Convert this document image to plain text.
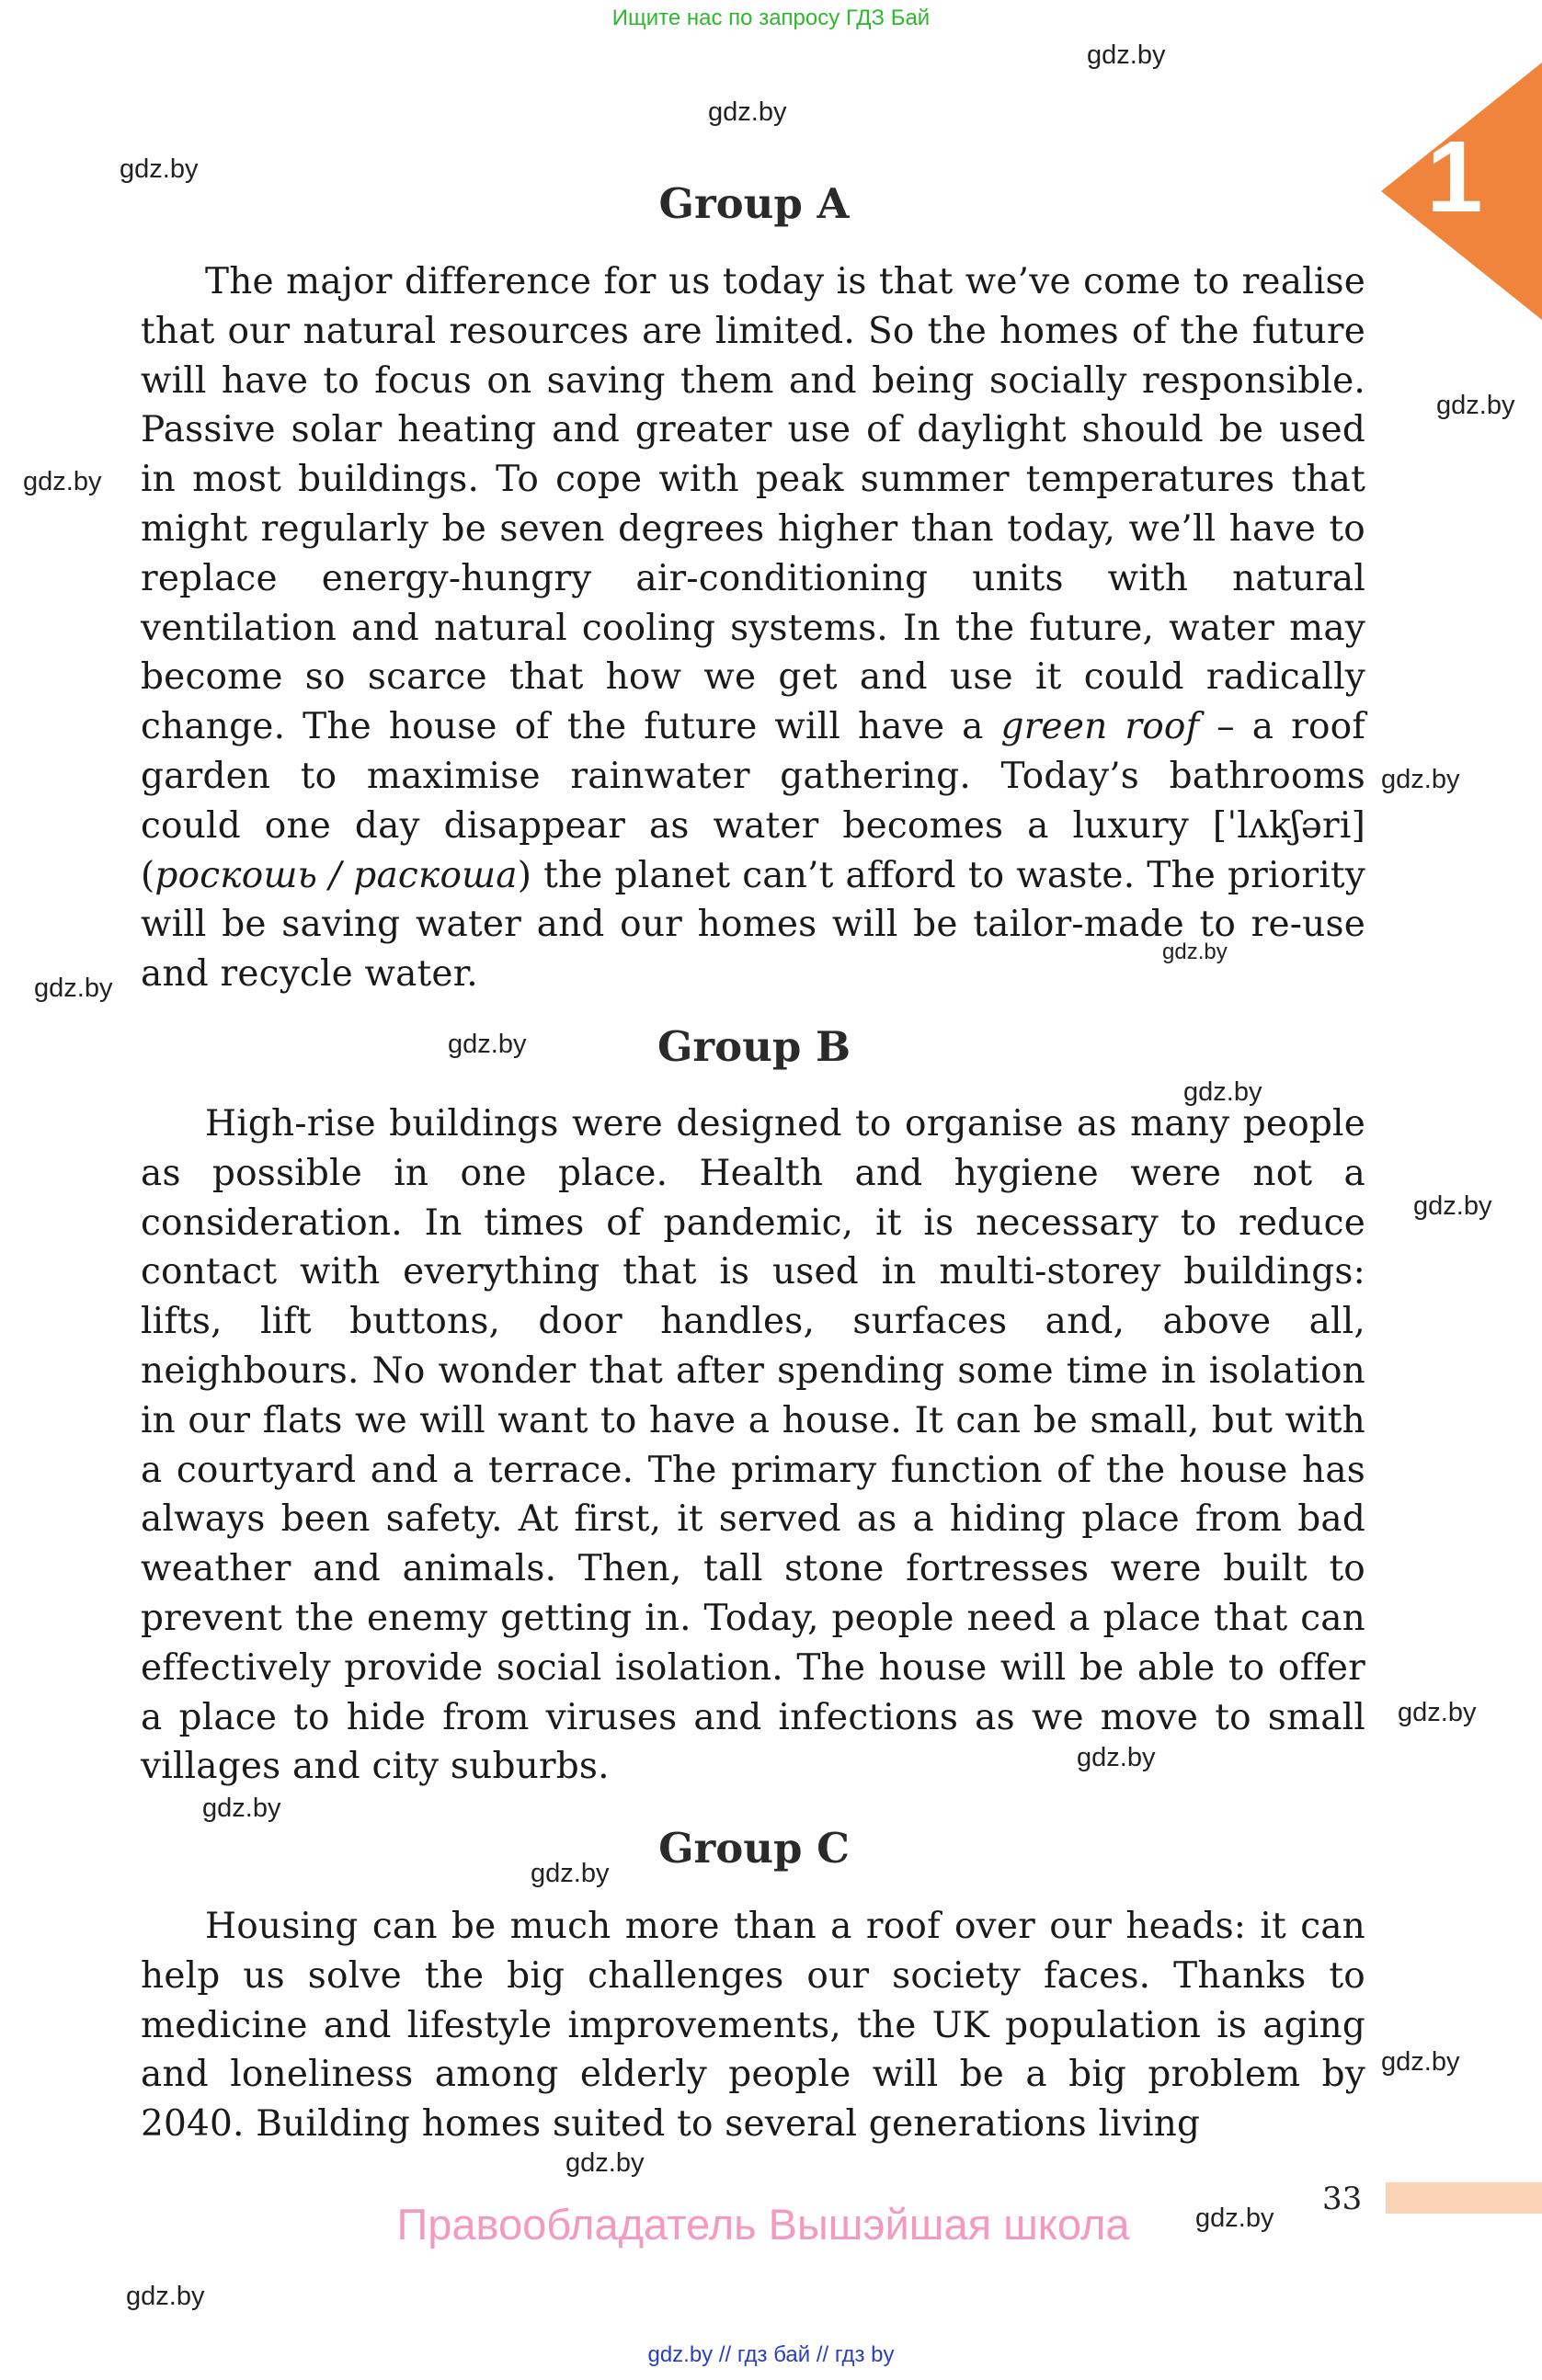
Ищите нас по запросу ГДЗ Бай
1
gdz.by
gdz.by
gdz.by
gdz.by
gdz.by
gdz.by
gdz.by
gdz.by
gdz.by
gdz.by
gdz.by
gdz.by
gdz.by
gdz.by
gdz.by
gdz.by
gdz.by
gdz.by
gdz.by
Group A
The major difference for us today is that we’ve come to realise that our natural resources are limited. So the homes of the future will have to focus on saving them and being socially responsible. Passive solar heating and greater use of daylight should be used in most buildings. To cope with peak summer temperatures that might regularly be seven degrees higher than today, we’ll have to replace energy-hungry air-conditioning units with natural ventilation and natural cooling systems. In the future, water may become so scarce that how we get and use it could radically change. The house of the future will have a green roof – a roof garden to maximise rainwater gathering. Today’s bathrooms could one day disappear as water becomes a luxury [ˈlʌkʃəri] (роскошь / раскоша) the planet can’t afford to waste. The priority will be saving water and our homes will be tailor-made to re-use and recycle water.
Group B
High-rise buildings were designed to organise as many people as possible in one place. Health and hygiene were not a consideration. In times of pandemic, it is necessary to reduce contact with everything that is used in multi-storey buildings: lifts, lift buttons, door handles, surfaces and, above all, neighbours. No wonder that after spending some time in isolation in our flats we will want to have a house. It can be small, but with a courtyard and a terrace. The primary function of the house has always been safety. At first, it served as a hiding place from bad weather and animals. Then, tall stone fortresses were built to prevent the enemy getting in. Today, people need a place that can effectively provide social isolation. The house will be able to offer a place to hide from viruses and infections as we move to small villages and city suburbs.
Group C
Housing can be much more than a roof over our heads: it can help us solve the big challenges our society faces. Thanks to medicine and lifestyle improvements, the UK population is aging and loneliness among elderly people will be a big problem by 2040. Building homes suited to several generations living
33
Правообладатель Вышэйшая школа
gdz.by // гдз бай // гдз by
